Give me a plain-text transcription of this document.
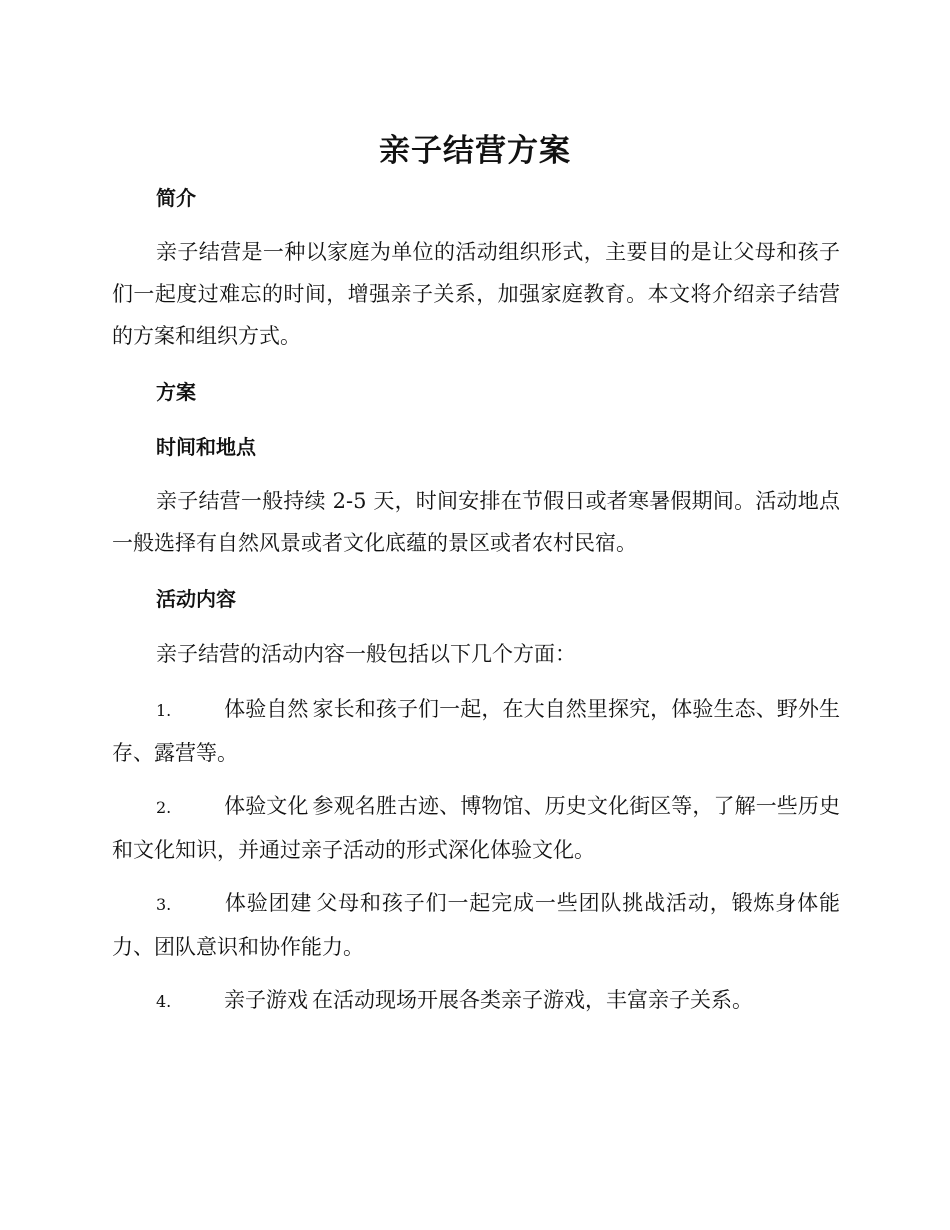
亲子结营方案
简介

亲子结营是一种以家庭为单位的活动组织形式，主要目的是让父母和孩子们一起度过难忘的时间，增强亲子关系，加强家庭教育。本文将介绍亲子结营的方案和组织方式。

方案
时间和地点

亲子结营一般持续 2-5 天，时间安排在节假日或者寒暑假期间。活动地点一般选择有自然风景或者文化底蕴的景区或者农村民宿。

活动内容

亲子结营的活动内容一般包括以下几个方面：

1.	体验自然 家长和孩子们一起，在大自然里探究，体验生态、野外生存、露营等。

2.	体验文化 参观名胜古迹、博物馆、历史文化街区等，了解一些历史和文化知识，并通过亲子活动的形式深化体验文化。

3.	体验团建 父母和孩子们一起完成一些团队挑战活动，锻炼身体能力、团队意识和协作能力。

4.	亲子游戏 在活动现场开展各类亲子游戏，丰富亲子关系。
